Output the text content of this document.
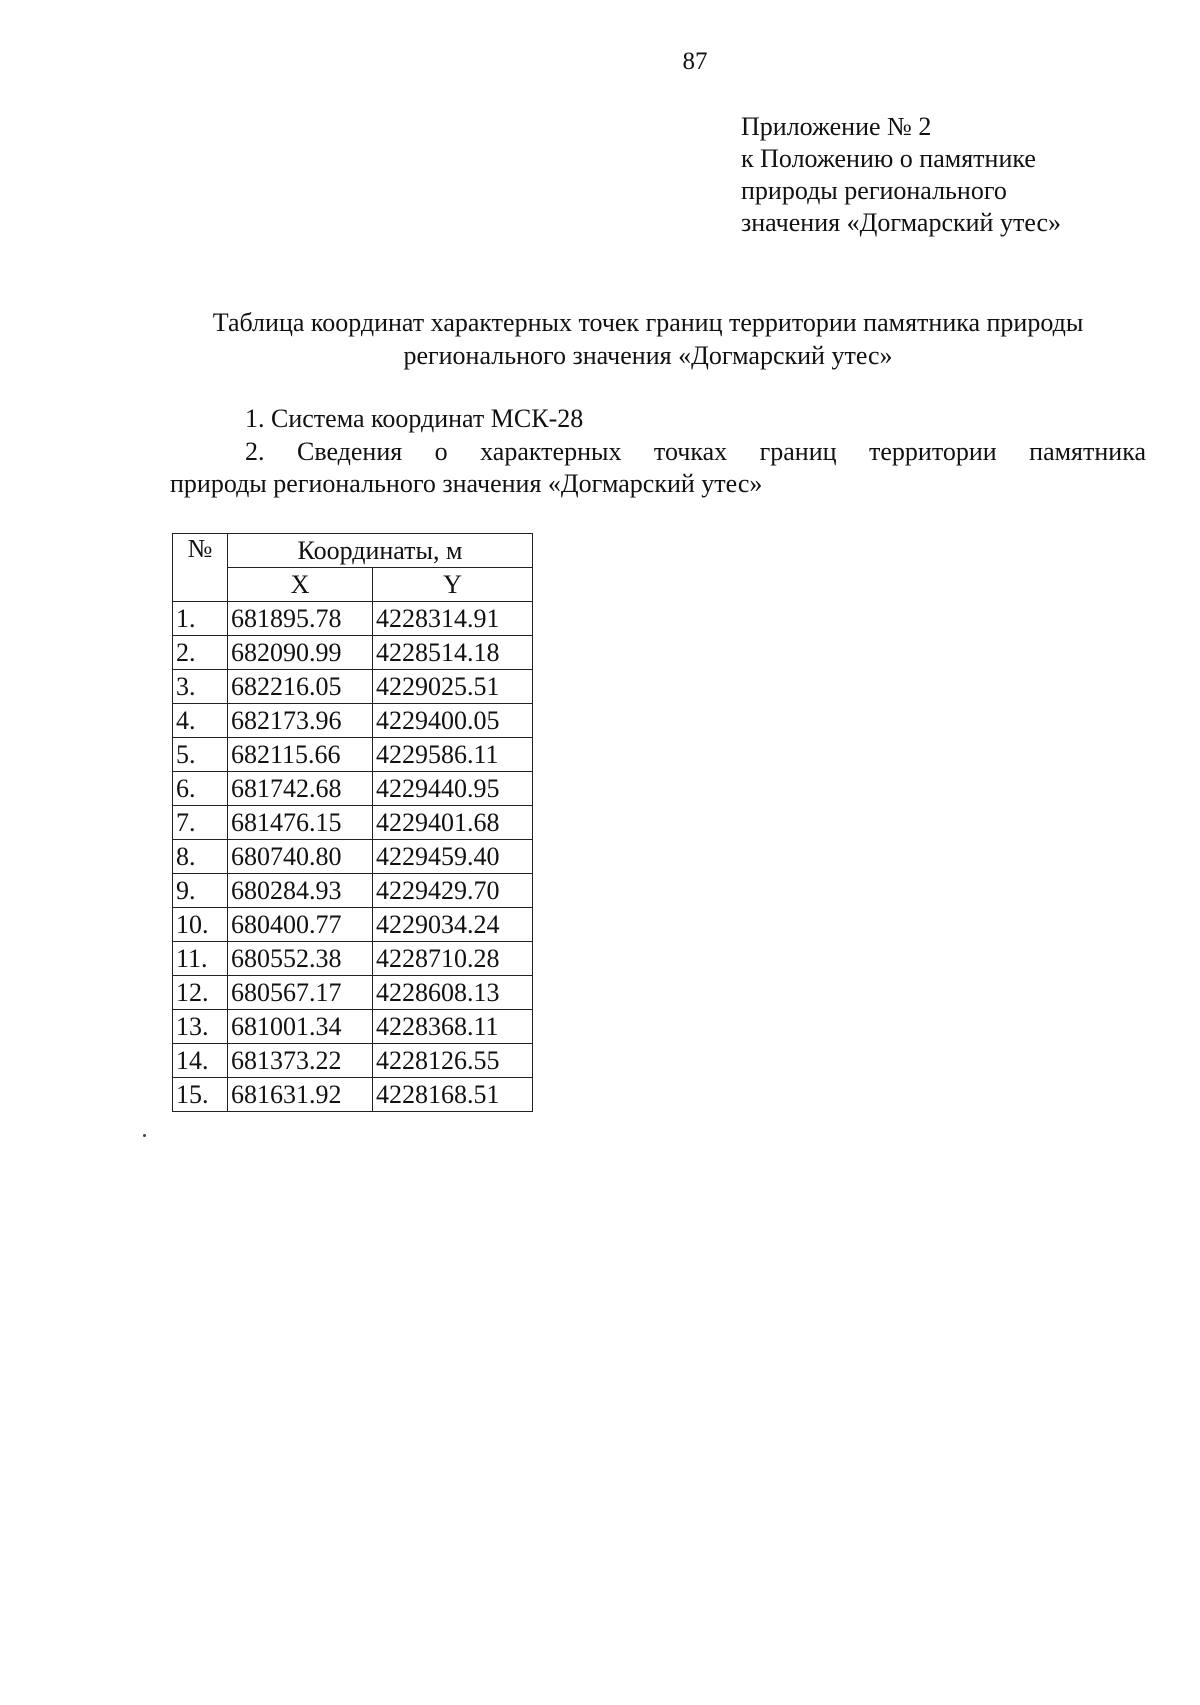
87
Приложение № 2
к Положению о памятнике
природы регионального
значения «Догмарский утес»
Таблица координат характерных точек границ территории памятника природы
регионального значения «Догмарский утес»
1. Система координат МСК-28
2. Сведения о характерных точках границ территории памятника
природы регионального значения «Догмарский утес»
№	Координаты, м	
	X	Y
1.	681895.78	4228314.91
2.	682090.99	4228514.18
3.	682216.05	4229025.51
4.	682173.96	4229400.05
5.	682115.66	4229586.11
6.	681742.68	4229440.95
7.	681476.15	4229401.68
8.	680740.80	4229459.40
9.	680284.93	4229429.70
10.	680400.77	4229034.24
11.	680552.38	4228710.28
12.	680567.17	4228608.13
13.	681001.34	4228368.11
14.	681373.22	4228126.55
15.	681631.92	4228168.51
